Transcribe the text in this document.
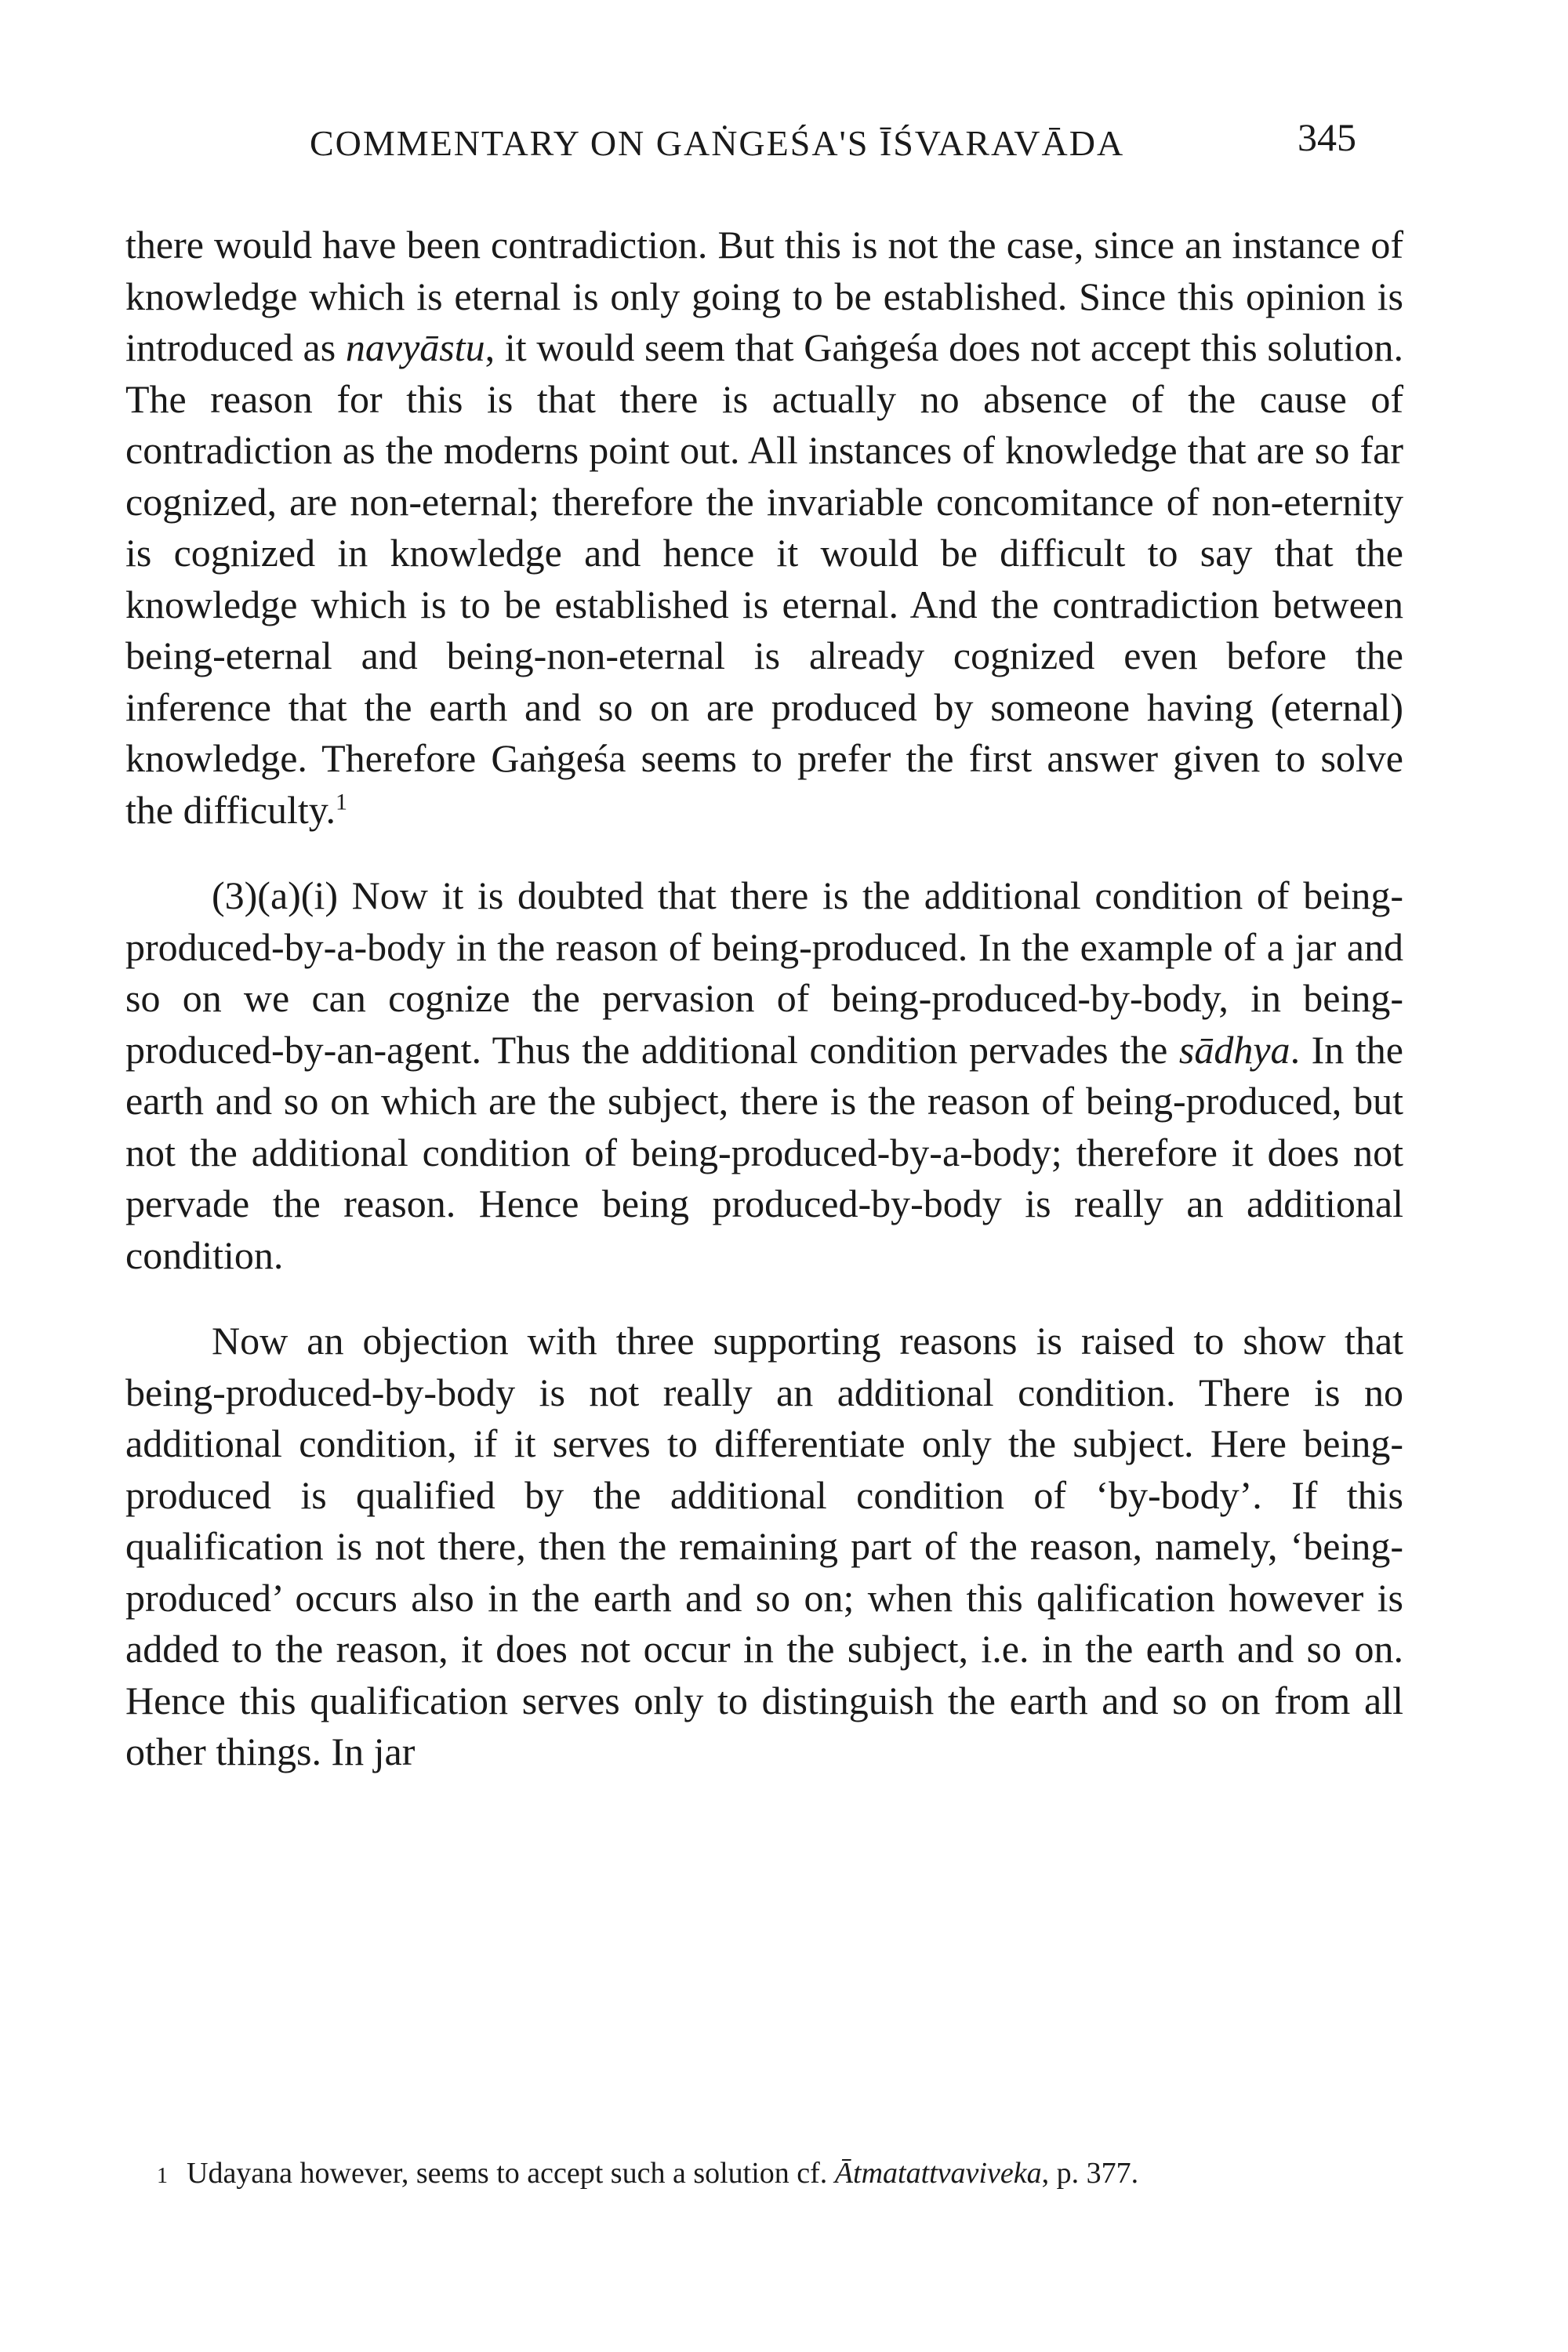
COMMENTARY ON GAṄGEŚA'S ĪŚVARAVĀDA	345

there would have been contradiction. But this is not the case, since an instance of knowledge which is eternal is only going to be established. Since this opinion is introduced as navyāstu, it would seem that Gaṅgeśa does not accept this solution. The reason for this is that there is actually no absence of the cause of contradiction as the moderns point out. All instances of knowledge that are so far cognized, are non-eternal; therefore the invariable concomitance of non-eternity is cognized in knowledge and hence it would be difficult to say that the knowledge which is to be established is eternal. And the contradiction between being-eternal and being-non-eternal is already cognized even before the inference that the earth and so on are produced by someone having (eternal) knowledge. Therefore Gaṅgeśa seems to prefer the first answer given to solve the difficulty.$^1$

(3)(a)(i) Now it is doubted that there is the additional condition of being-produced-by-a-body in the reason of being-produced. In the example of a jar and so on we can cognize the pervasion of being-produced-by-body, in being-produced-by-an-agent. Thus the additional condition pervades the sādhya. In the earth and so on which are the subject, there is the reason of being-produced, but not the additional condition of being-produced-by-a-body; therefore it does not pervade the reason. Hence being produced-by-body is really an additional condition.

Now an objection with three supporting reasons is raised to show that being-produced-by-body is not really an additional condition. There is no additional condition, if it serves to differentiate only the subject. Here being-produced is qualified by the additional condition of ‘by-body’. If this qualification is not there, then the remaining part of the reason, namely, ‘being-produced’ occurs also in the earth and so on; when this qalification however is added to the reason, it does not occur in the subject, i.e. in the earth and so on. Hence this qualification serves only to distinguish the earth and so on from all other things. In jar

1 Udayana however, seems to accept such a solution cf. Ātmatattvaviveka, p. 377.
